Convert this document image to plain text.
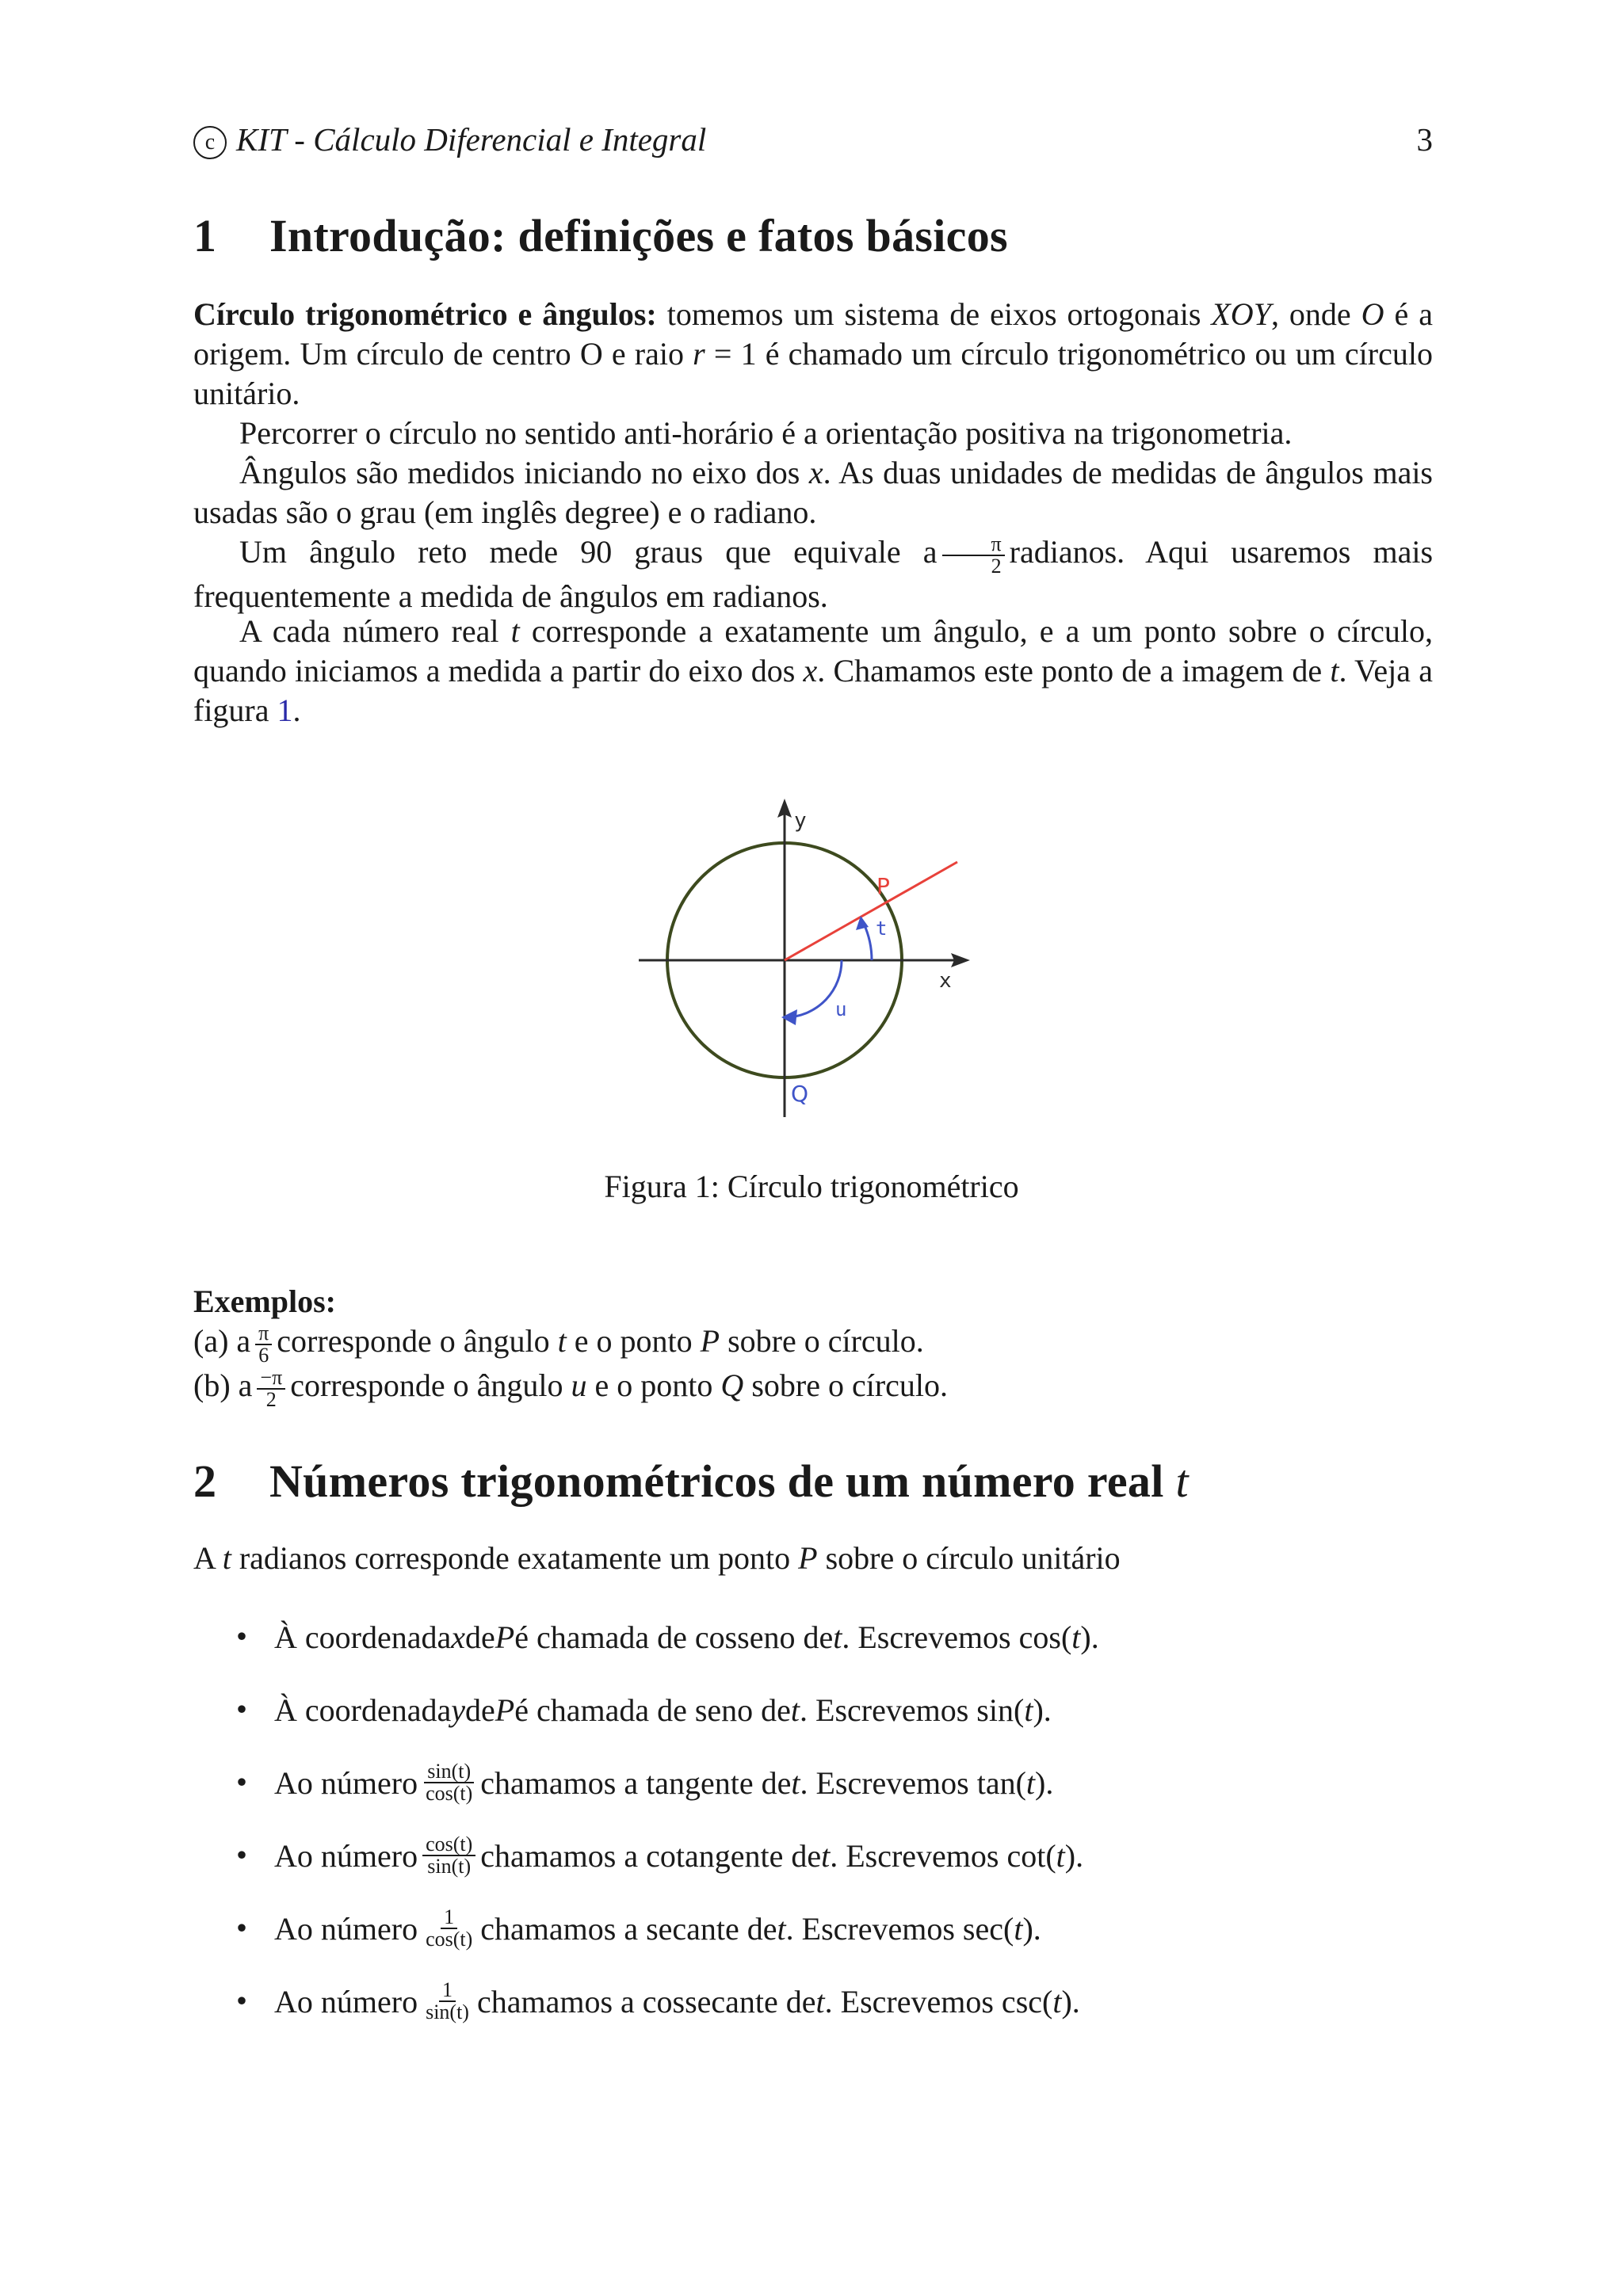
c KIT - Cálculo Diferencial e Integral	3
1 Introdução: definições e fatos básicos

Círculo trigonométrico e ângulos: tomemos um sistema de eixos ortogonais XOY, onde O é a origem. Um círculo de centro O e raio r = 1 é chamado um círculo trigonométrico ou um círculo unitário.

Percorrer o círculo no sentido anti-horário é a orientação positiva na trigonometria.

Ângulos são medidos iniciando no eixo dos x. As duas unidades de medidas de ângulos mais usadas são o grau (em inglês degree) e o radiano.

Um ângulo reto mede 90 graus que equivale a $\frac{\pi}{2}$ radianos. Aqui usaremos mais frequentemente a medida de ângulos em radianos.

A cada número real t corresponde a exatamente um ângulo, e a um ponto sobre o círculo, quando iniciamos a medida a partir do eixo dos x. Chamamos este ponto de a imagem de t. Veja a figura 1.

y
x
P
t
u
Q
Figura 1: Círculo trigonométrico
Exemplos:
(a) a $\frac{\pi}{6}$ corresponde o ângulo t e o ponto P sobre o círculo.
(b) a $\frac{-\pi}{2}$ corresponde o ângulo u e o ponto Q sobre o círculo.
2 Números trigonométricos de um número real t

A t radianos corresponde exatamente um ponto P sobre o círculo unitário

• À coordenada x de P é chamada de cosseno de t . Escrevemos cos( t ).
• À coordenada y de P é chamada de seno de t . Escrevemos sin( t ).
• Ao número $\frac{\sin(t)}{\cos(t)}$ chamamos a tangente de t . Escrevemos tan( t ).
• Ao número $\frac{\cos(t)}{\sin(t)}$ chamamos a cotangente de t . Escrevemos cot( t ).
• Ao número $\frac{1}{\cos(t)}$ chamamos a secante de t . Escrevemos sec( t ).
• Ao número $\frac{1}{\sin(t)}$ chamamos a cossecante de t . Escrevemos csc( t ).
